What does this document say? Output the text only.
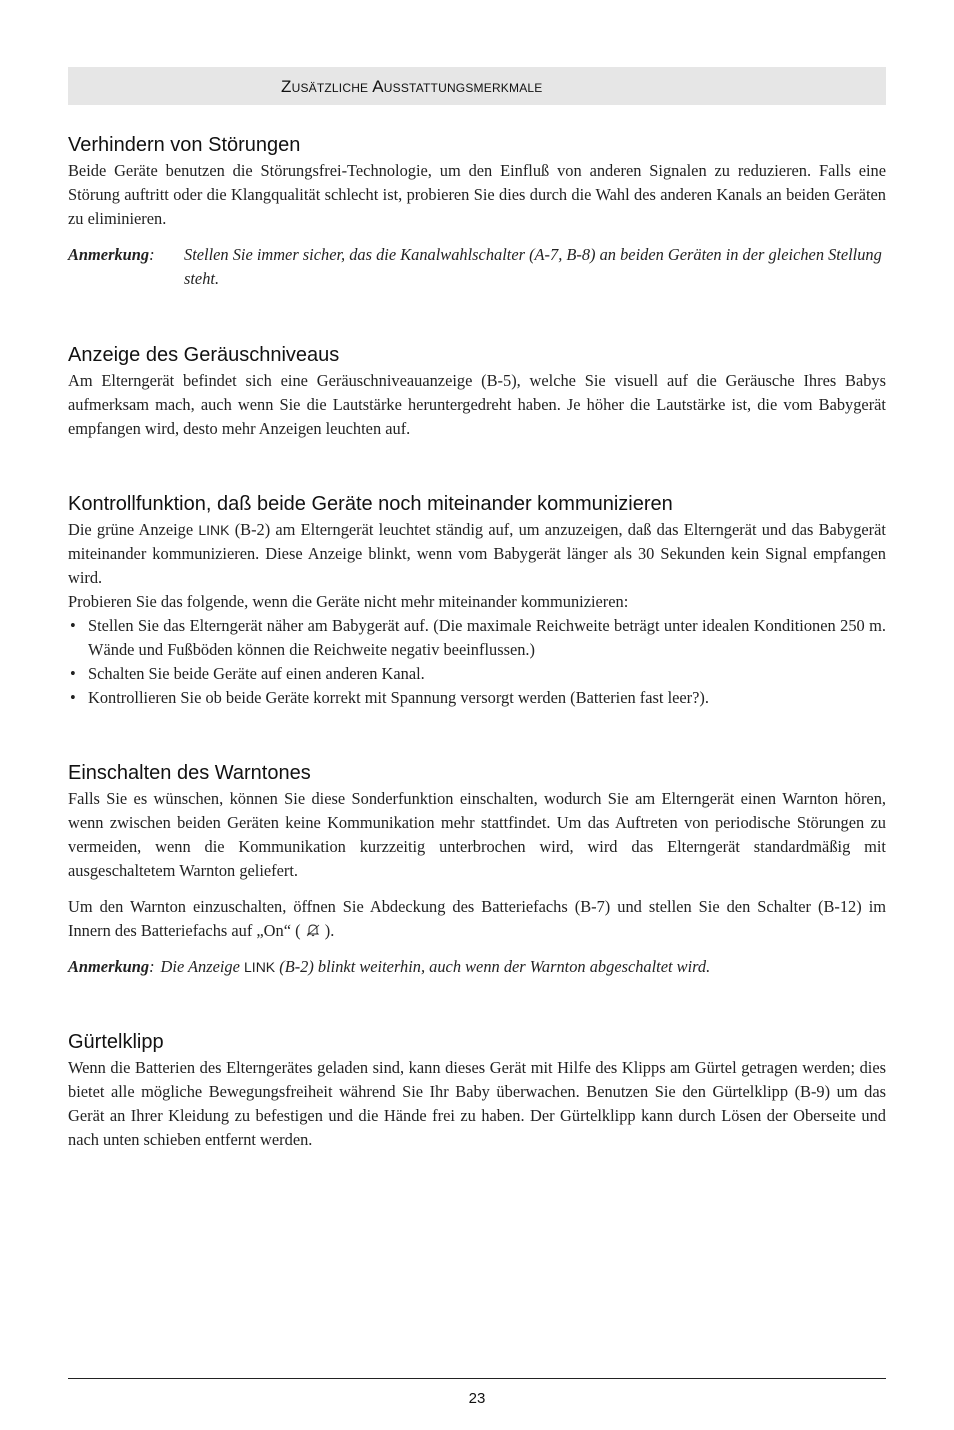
Zusätzliche Ausstattungsmerkmale
Verhindern von Störungen

Beide Geräte benutzen die Störungsfrei-Technologie, um den Einfluß von anderen Signalen zu reduzieren. Falls eine Störung auftritt oder die Klangqualität schlecht ist, probieren Sie dies durch die Wahl des anderen Kanals an beiden Geräten zu eliminieren.

Anmerkung:	Stellen Sie immer sicher, das die Kanalwahlschalter (A-7, B-8) an beiden Geräten in der gleichen Stellung steht.
Anzeige des Geräuschniveaus

Am Elterngerät befindet sich eine Geräuschniveauanzeige (B-5), welche Sie visuell auf die Geräusche Ihres Babys aufmerksam mach, auch wenn Sie die Lautstärke heruntergedreht haben. Je höher die Lautstärke ist, die vom Babygerät empfangen wird, desto mehr Anzeigen leuchten auf.

Kontrollfunktion, daß beide Geräte noch miteinander kommunizieren

Die grüne Anzeige LINK (B-2) am Elterngerät leuchtet ständig auf, um anzuzeigen, daß das Elterngerät und das Babygerät miteinander kommunizieren. Diese Anzeige blinkt, wenn vom Babygerät länger als 30 Sekunden kein Signal empfangen wird.

Probieren Sie das folgende, wenn die Geräte nicht mehr miteinander kommunizieren:

• Stellen Sie das Elterngerät näher am Babygerät auf. (Die maximale Reichweite beträgt unter idealen Konditionen 250 m. Wände und Fußböden können die Reichweite negativ beeinflussen.)
• Schalten Sie beide Geräte auf einen anderen Kanal.
• Kontrollieren Sie ob beide Geräte korrekt mit Spannung versorgt werden (Batterien fast leer?).
Einschalten des Warntones

Falls Sie es wünschen, können Sie diese Sonderfunktion einschalten, wodurch Sie am Elterngerät einen Warnton hören, wenn zwischen beiden Geräten keine Kommunikation mehr stattfindet. Um das Auftreten von periodische Störungen zu vermeiden, wenn die Kommunikation kurzzeitig unterbrochen wird, wird das Elterngerät standardmäßig mit ausgeschaltetem Warnton geliefert.

Um den Warnton einzuschalten, öffnen Sie Abdeckung des Batteriefachs (B-7) und stellen Sie den Schalter (B-12) im Innern des Batteriefachs auf „On“ ( ).

Anmerkung: Die Anzeige LINK (B-2) blinkt weiterhin, auch wenn der Warnton abgeschaltet wird.
Gürtelklipp

Wenn die Batterien des Elterngerätes geladen sind, kann dieses Gerät mit Hilfe des Klipps am Gürtel getragen werden; dies bietet alle mögliche Bewegungsfreiheit während Sie Ihr Baby überwachen. Benutzen Sie den Gürtelklipp (B-9) um das Gerät an Ihrer Kleidung zu befestigen und die Hände frei zu haben. Der Gürtelklipp kann durch Lösen der Oberseite und nach unten schieben entfernt werden.

23
